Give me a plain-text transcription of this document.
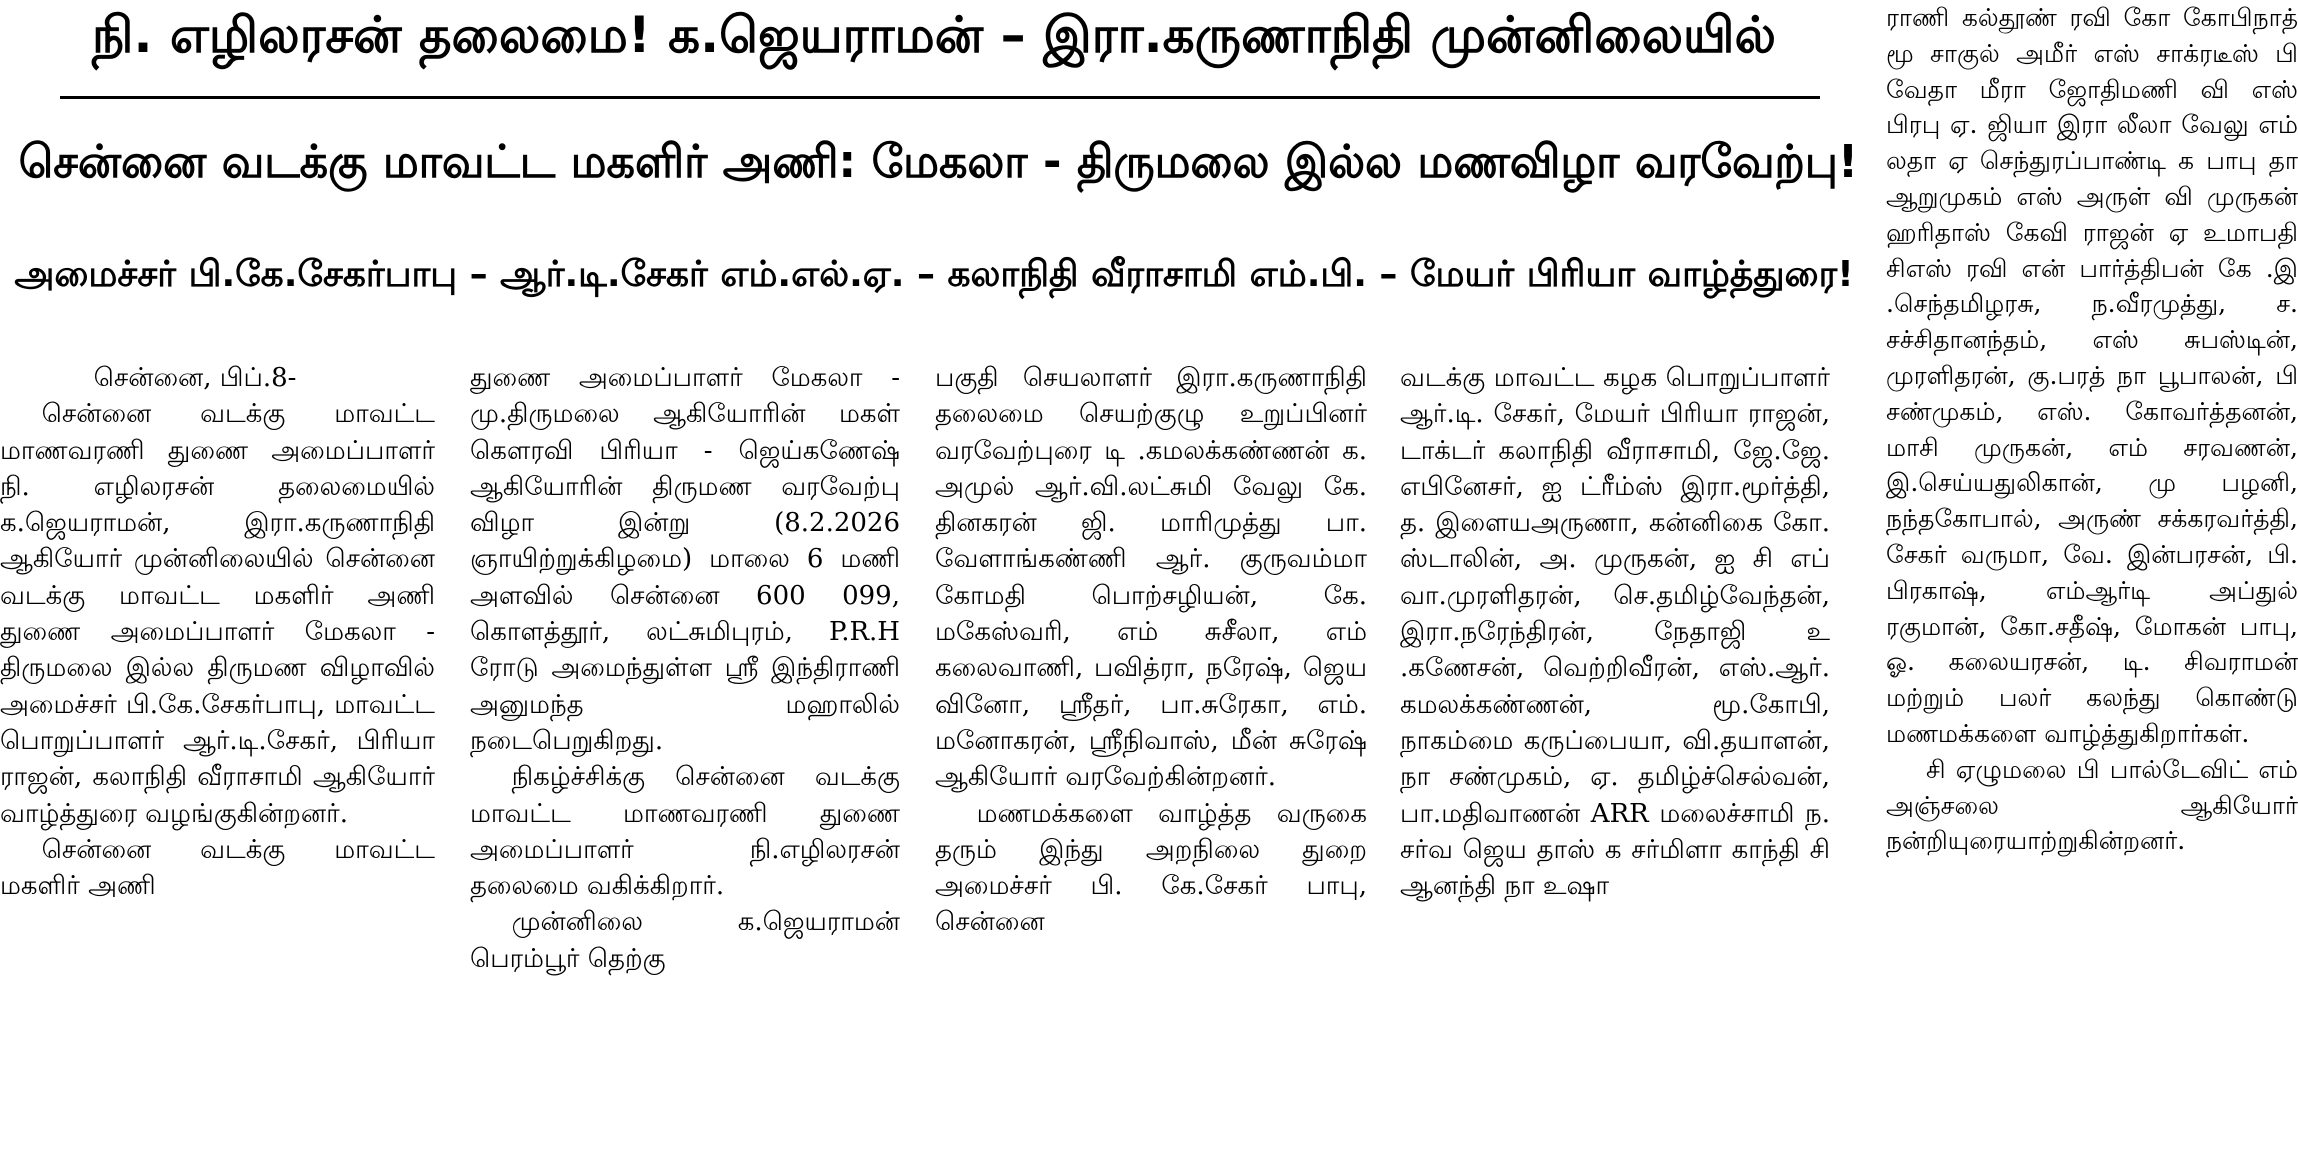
நி. எழிலரசன் தலைமை! க.ஜெயராமன் – இரா.கருணாநிதி முன்னிலையில்
சென்னை வடக்கு மாவட்ட மகளிர் அணி: மேகலா - திருமலை இல்ல மணவிழா வரவேற்பு!
அமைச்சர் பி.கே.சேகர்பாபு – ஆர்.டி.சேகர் எம்.எல்.ஏ. – கலாநிதி வீராசாமி எம்.பி. – மேயர் பிரியா வாழ்த்துரை!

சென்னை, பிப்.8-

சென்னை வடக்கு மாவட்ட மாணவரணி துணை அமைப்பாளர் நி. எழிலரசன் தலைமையில் க.ஜெயராமன், இரா.கருணாநிதி ஆகியோர் முன்னிலையில் சென்னை வடக்கு மாவட்ட மகளிர் அணி துணை அமைப்பாளர் மேகலா - திருமலை இல்ல திருமண விழாவில் அமைச்சர் பி.கே.சேகர்பாபு, மாவட்ட பொறுப்பாளர் ஆர்.டி.சேகர், பிரியா ராஜன், கலாநிதி வீராசாமி ஆகியோர் வாழ்த்துரை வழங்குகின்றனர்.

சென்னை வடக்கு மாவட்ட மகளிர் அணி

துணை அமைப்பாளர் மேகலா - மு.திருமலை ஆகியோரின் மகள் கௌரவி பிரியா - ஜெய்கணேஷ் ஆகியோரின் திருமண வரவேற்பு விழா இன்று (8.2.2026 ஞாயிற்றுக்கிழமை) மாலை 6 மணி அளவில் சென்னை 600 099, கொளத்தூர், லட்சுமிபுரம், P.R.H ரோடு அமைந்துள்ள ஸ்ரீ இந்திராணி அனுமந்த மஹாலில் நடைபெறுகிறது.

நிகழ்ச்சிக்கு சென்னை வடக்கு மாவட்ட மாணவரணி துணை அமைப்பாளர் நி.எழிலரசன் தலைமை வகிக்கிறார்.

முன்னிலை க.ஜெயராமன் பெரம்பூர் தெற்கு

பகுதி செயலாளர் இரா.கருணாநிதி தலைமை செயற்குழு உறுப்பினர் வரவேற்புரை டி .கமலக்கண்ணன் க. அமுல் ஆர்.வி.லட்சுமி வேலு கே. தினகரன் ஜி. மாரிமுத்து பா. வேளாங்கண்ணி ஆர். குருவம்மா கோமதி பொற்சழியன், கே. மகேஸ்வரி, எம் சுசீலா, எம் கலைவாணி, பவித்ரா, நரேஷ், ஜெய வினோ, ஸ்ரீதர், பா.சுரேகா, எம். மனோகரன், ஸ்ரீநிவாஸ், மீன் சுரேஷ் ஆகியோர் வரவேற்கின்றனர்.

மணமக்களை வாழ்த்த வருகை தரும் இந்து அறநிலை துறை அமைச்சர் பி. கே.சேகர் பாபு, சென்னை

வடக்கு மாவட்ட கழக பொறுப்பாளர் ஆர்.டி. சேகர், மேயர் பிரியா ராஜன், டாக்டர் கலாநிதி வீராசாமி, ஜே.ஜே. எபினேசர், ஐ ட்ரீம்ஸ் இரா.மூர்த்தி, த. இளையஅருணா, கன்னிகை கோ. ஸ்டாலின், அ. முருகன், ஐ சி எப் வா.முரளிதரன், செ.தமிழ்வேந்தன், இரா.நரேந்திரன், நேதாஜி உ .கணேசன், வெற்றிவீரன், எஸ்.ஆர். கமலக்கண்ணன், மூ.கோபி, நாகம்மை கருப்பையா, வி.தயாளன், நா சண்முகம், ஏ. தமிழ்ச்செல்வன், பா.மதிவாணன் ARR மலைச்சாமி ந. சர்வ ஜெய தாஸ் க சர்மிளா காந்தி சி ஆனந்தி நா உஷா

ராணி கல்தூண் ரவி கோ கோபிநாத் மூ சாகுல் அமீர் எஸ் சாக்ரடீஸ் பி வேதா மீரா ஜோதிமணி வி எஸ் பிரபு ஏ. ஜியா இரா லீலா வேலு எம் லதா ஏ செந்துரப்பாண்டி க பாபு தா ஆறுமுகம் எஸ் அருள் வி முருகன் ஹரிதாஸ் கேவி ராஜன் ஏ உமாபதி சிஎஸ் ரவி என் பார்த்திபன் கே .இ .செந்தமிழரசு, ந.வீரமுத்து, ச. சச்சிதானந்தம், எஸ் சுபஸ்டின், முரளிதரன், கு.பரத் நா பூபாலன், பி சண்முகம், எஸ். கோவர்த்தனன், மாசி முருகன், எம் சரவணன், இ.செய்யதுலிகான், மு பழனி, நந்தகோபால், அருண் சக்கரவர்த்தி, சேகர் வருமா, வே. இன்பரசன், பி. பிரகாஷ், எம்ஆர்டி அப்துல் ரகுமான், கோ.சதீஷ், மோகன் பாபு, ஓ. கலையரசன், டி. சிவராமன் மற்றும் பலர் கலந்து கொண்டு மணமக்களை வாழ்த்துகிறார்கள்.

சி ஏழுமலை பி பால்டேவிட் எம் அஞ்சலை ஆகியோர் நன்றியுரையாற்றுகின்றனர்.
